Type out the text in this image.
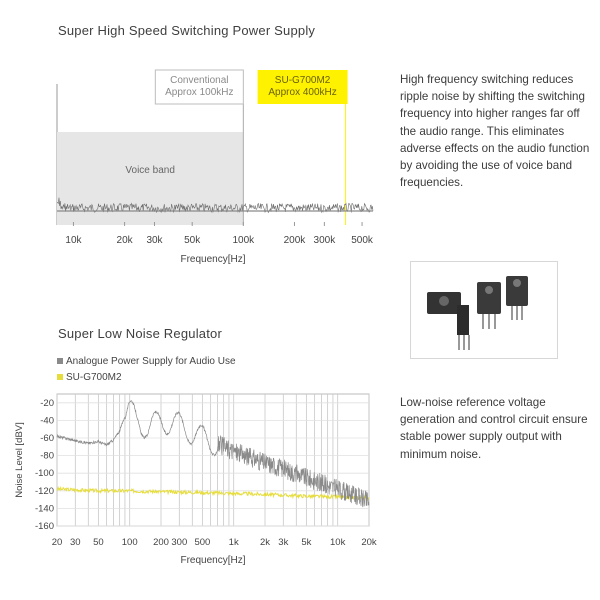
Super High Speed Switching Power Supply
High frequency switching reduces ripple noise by shifting the switching frequency into higher ranges far off the audio range. This eliminates adverse effects on the audio function by avoiding the use of voice band frequencies.
Voice band
Conventional
Approx 100kHz
SU-G700M2
Approx 400kHz
10k	20k 30k 50k	100k	200k 300k 500k
Frequency[Hz]
Super Low Noise Regulator
Low-noise reference voltage generation and control circuit ensure stable power supply output with minimum noise.
Analogue Power Supply for Audio Use
SU-G700M2
-20
-40
-60
-80
-100
-120
-140
-160
Noise Level [dBV]
20 30 50 100 200 300 500 1k 2k 3k 5k 10k 20k
Frequency[Hz]
